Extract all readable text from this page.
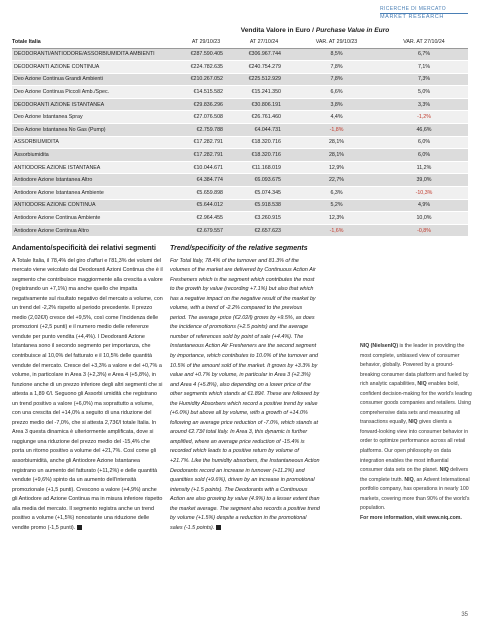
RICERCHE DI MERCATO
MARKET RESEARCH
Vendita Valore in Euro / Purchase Value in Euro
Totale Italia	AT 29/10/23	AT 27/10/24	VAR. AT 29/10/23	VAR. AT 27/10/24
DEODORANTI/ANTIODORE/ASSORBIUMIDITA AMBIENTI	€287.590.405	€306.967.744	8,5%	6,7%
DEODORANTI AZIONE CONTINUA	€224.782.635	€240.754.279	7,8%	7,1%
Deo Azione Continua Grandi Ambienti	€210.267.052	€225.512.929	7,8%	7,3%
Deo Azione Continua Piccoli Amb./Spec.	€14.515.582	€15.241.350	6,6%	5,0%
DEODORANTI AZIONE ISTANTANEA	€29.836.296	€30.806.191	3,8%	3,3%
Deo Azione Istantanea Spray	€27.076.508	€26.761.460	4,4%	-1,2%
Deo Azione Istantanea No Gas (Pump)	€2.759.788	€4.044.731	-1,8%	46,6%
ASSORBIUMIDITA	€17.282.791	€18.320.716	28,1%	6,0%
Assorbiumidita	€17.282.791	€18.320.716	28,1%	6,0%
ANTIODORE AZIONE ISTANTANEA	€10.044.671	€11.168.019	12,9%	11,2%
Antiodore Azione Istantanea Altro	€4.384.774	€6.093.675	22,7%	39,0%
Antiodore Azione Istantanea Ambiente	€5.659.898	€5.074.345	6,3%	-10,3%
ANTIODORE AZIONE CONTINUA	€5.644.012	€5.918.538	5,2%	4,9%
Antiodore Azione Continua Ambiente	€2.964.455	€3.260.915	12,3%	10,0%
Antiodore Azione Continua Altro	€2.679.557	€2.657.623	-1,6%	-0,8%
Andamento/specificità dei relativi segmenti

A Totale Italia, il 78,4% del giro d’affari e l’81,3% dei volumi del mercato viene veicolato dai Deodoranti Azioni Continua che è il segmento che contribuisce maggiormente alla crescita a valore (registrando un +7,1%) ma anche quello che impatta negativamente sul risultato negativo del mercato a volume, con un trend del -2,2% rispetto al periodo precedente. Il prezzo medio (2,02€/l) cresce del +9,5%, così come l’incidenza delle promozioni (+2,5 punti) e il numero medio delle referenze vendute per punto vendita (+4,4%). I Deodoranti Azione Istantanea sono il secondo segmento per importanza, che contribuisce al 10,0% del fatturato e il 10,5% delle quantità vendute del mercato. Cresce del +3,3% a valore e del +0,7% a volume, in particolare in Area 3 (+2,3%) e Area 4 (+5,8%), in funzione anche di un prezzo inferiore degli altri segmenti che si attesta a 1,89 €/l. Seguono gli Assorbi umidità che registrano un trend positivo a valore (+6,0%) ma soprattutto a volume, con una crescita del +14,0% a seguito di una riduzione del prezzo medio del -7,0%, che si attesta 2,73€/l totale Italia. In Area 3 questa dinamica è ulteriormente amplificata, dove si raggiunge una riduzione del prezzo medio del -15,4% che porta un ritorno positivo a volume del +21,7%. Così come gli assorbiumidità, anche gli Antiodore Azione Istantanea registrano un aumento del fatturato (+11,2%) e delle quantità vendute (+9,6%) spinto da un aumento dell’intensità promozionale (+1,5 punti). Crescono a valore (+4,9%) anche gli Antiodore ad Azione Continua ma in misura inferiore rispetto alla media del mercato. Il segmento registra anche un trend positivo a volume (+1,5%) nonostante una riduzione delle vendite promo (-1,5 punti).

Trend/specificity of the relative segments

For Total Italy, 78.4% of the turnover and 81.3% of the volumes of the market are delivered by Continuous Action Air Fresheners which is the segment which contributes the most to the growth by value (recording +7.1%) but also that which has a negative impact on the negative result of the market by volume, with a trend of -2.2% compared to the previous period. The average price (€2.02/l) grows by +9.5%, as does the incidence of promotions (+2.5 points) and the average number of references sold by point of sale (+4.4%). The Instantaneous Action Air Fresheners are the second segment by importance, which contributes to 10.0% of the turnover and 10.5% of the amount sold of the market. It grows by +3.3% by value and +0.7% by volume, in particular in Area 3 (+2.3%) and Area 4 (+5.8%), also depending on a lower price of the other segments which stands at €1.89/l. These are followed by the Humidity Absorbers which record a positive trend by value (+6.0%) but above all by volume, with a growth of +14.0% following an average price reduction of -7.0%, which stands at around €2.73/l total Italy. In Area 3, this dynamic is further amplified, where an average price reduction of -15.4% is recorded which leads to a positive return by volume of +21.7%. Like the humidity absorbers, the Instantaneous Action Deodorants record an increase in turnover (+11.2%) and quantities sold (+9.6%), driven by an increase in promotional intensity (+1.5 points). The Deodorants with a Continuous Action are also growing by value (4.9%) to a lesser extent than the market average. The segment also records a positive trend by volume (+1.5%) despite a reduction in the promotional sales (-1.5 points).

NIQ (NielsenIQ) is the leader in providing the most complete, unbiased view of consumer behavior, globally. Powered by a ground-breaking consumer data platform and fueled by rich analytic capabilities, NIQ enables bold, confident decision-making for the world’s leading consumer goods companies and retailers. Using comprehensive data sets and measuring all transactions equally, NIQ gives clients a forward-looking view into consumer behavior in order to optimize performance across all retail platforms. Our open philosophy on data integration enables the most influential consumer data sets on the planet. NIQ delivers the complete truth. NIQ, an Advent International portfolio company, has operations in nearly 100 markets, covering more than 90% of the world’s population.
For more information, visit www.niq.com.

35
